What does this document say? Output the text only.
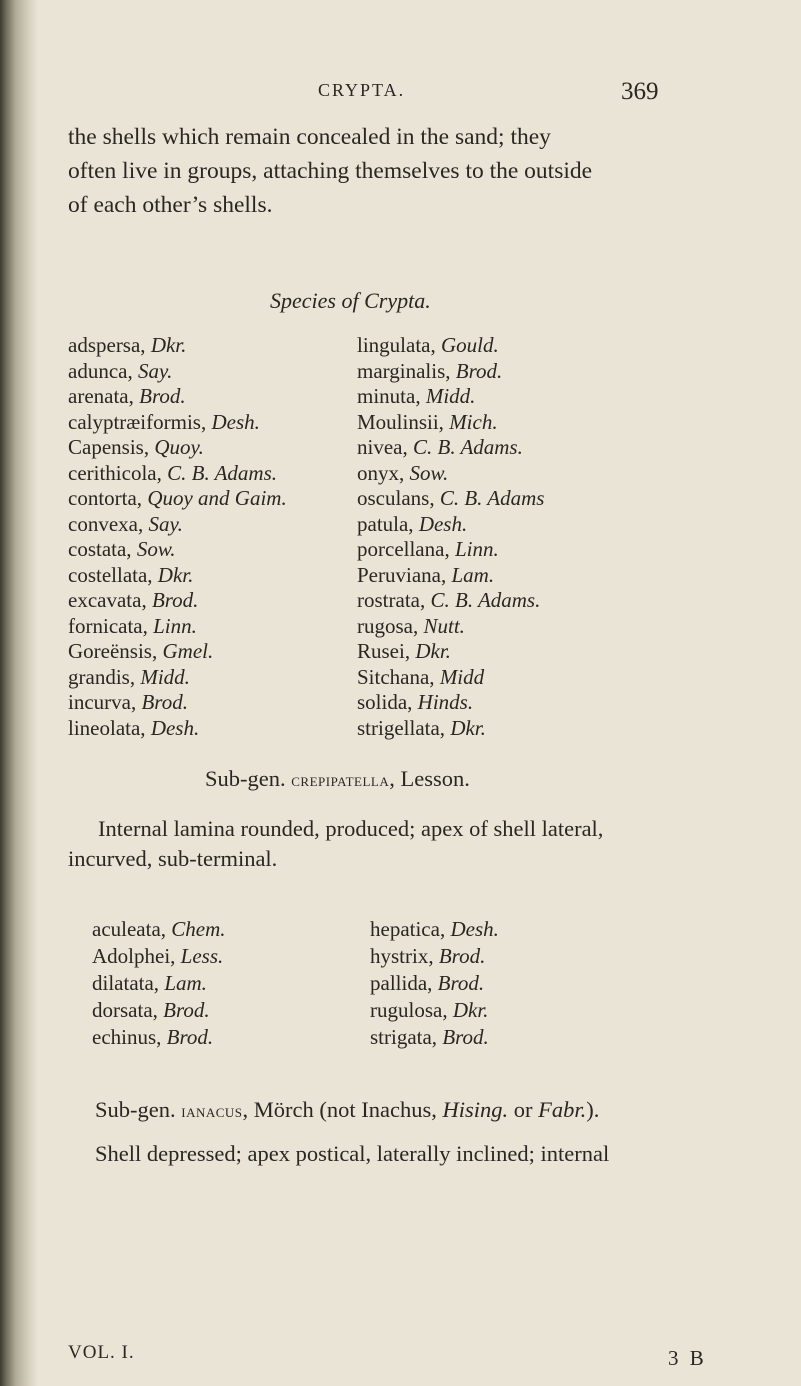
CRYPTA.	369
the shells which remain concealed in the sand; they
often live in groups, attaching themselves to the outside
of each other’s shells.
Species of Crypta.
adspersa, Dkr.
adunca, Say.
arenata, Brod.
calyptræiformis, Desh.
Capensis, Quoy.
cerithicola, C. B. Adams.
contorta, Quoy and Gaim.
convexa, Say.
costata, Sow.
costellata, Dkr.
excavata, Brod.
fornicata, Linn.
Goreënsis, Gmel.
grandis, Midd.
incurva, Brod.
lineolata, Desh.
lingulata, Gould.
marginalis, Brod.
minuta, Midd.
Moulinsii, Mich.
nivea, C. B. Adams.
onyx, Sow.
osculans, C. B. Adams
patula, Desh.
porcellana, Linn.
Peruviana, Lam.
rostrata, C. B. Adams.
rugosa, Nutt.
Rusei, Dkr.
Sitchana, Midd
solida, Hinds.
strigellata, Dkr.
Sub-gen. crepipatella, Lesson.
Internal lamina rounded, produced; apex of shell lateral,
incurved, sub-terminal.
aculeata, Chem.
Adolphei, Less.
dilatata, Lam.
dorsata, Brod.
echinus, Brod.
hepatica, Desh.
hystrix, Brod.
pallida, Brod.
rugulosa, Dkr.
strigata, Brod.
Sub-gen. ianacus, Mörch (not Inachus, Hising. or Fabr.).
Shell depressed; apex postical, laterally inclined; internal
VOL. I.	3 B
